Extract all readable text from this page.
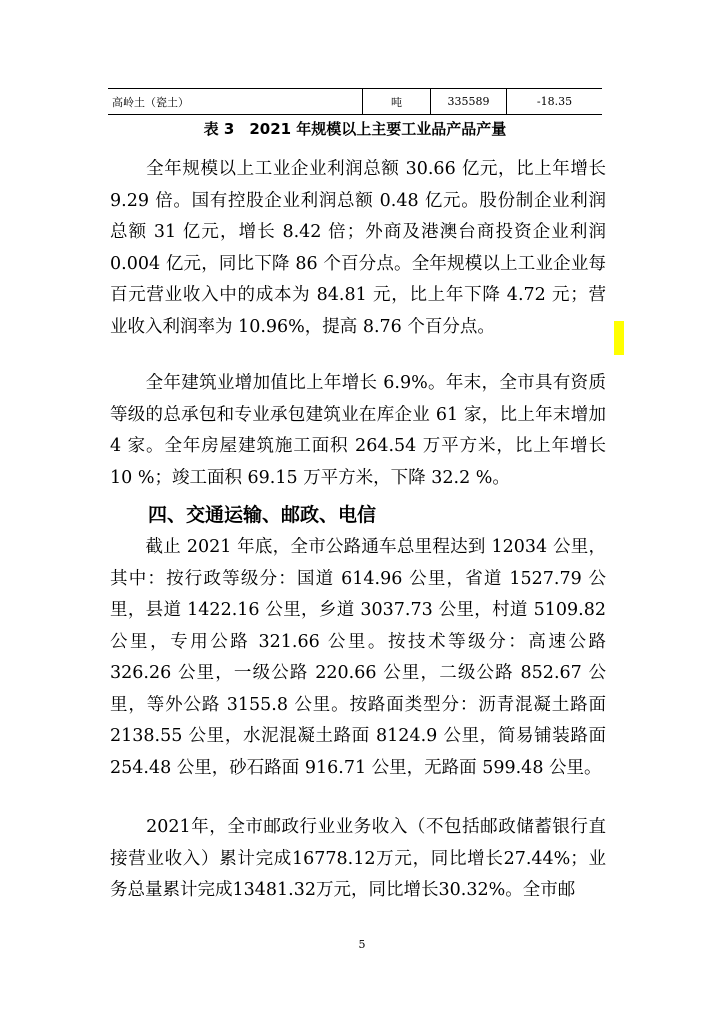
高岭土（瓷土）	吨	335589	-18.35
表 3　2021 年规模以上主要工业品产品产量

　　全年规模以上工业企业利润总额 30.66 亿元，比上年增长 9.29 倍。国有控股企业利润总额 0.48 亿元。股份制企业利润总额 31 亿元，增长 8.42 倍；外商及港澳台商投资企业利润 0.004 亿元，同比下降 86 个百分点。全年规模以上工业企业每百元营业收入中的成本为 84.81 元，比上年下降 4.72 元；营业收入利润率为 10.96%，提高 8.76 个百分点。

　　全年建筑业增加值比上年增长 6.9%。年末，全市具有资质等级的总承包和专业承包建筑业在库企业 61 家，比上年末增加 4 家。全年房屋建筑施工面积 264.54 万平方米，比上年增长 10 %；竣工面积 69.15 万平方米，下降 32.2 %。

四、交通运输、邮政、电信

　　截止 2021 年底，全市公路通车总里程达到 12034 公里，其中：按行政等级分：国道 614.96 公里，省道 1527.79 公里，县道 1422.16 公里，乡道 3037.73 公里，村道 5109.82 公里，专用公路 321.66 公里。按技术等级分：高速公路 326.26 公里，一级公路 220.66 公里，二级公路 852.67 公里，等外公路 3155.8 公里。按路面类型分：沥青混凝土路面 2138.55 公里，水泥混凝土路面 8124.9 公里，简易铺装路面 254.48 公里，砂石路面 916.71 公里，无路面 599.48 公里。

　　2021年，全市邮政行业业务收入（不包括邮政储蓄银行直接营业收入）累计完成16778.12万元，同比增长27.44%；业务总量累计完成13481.32万元，同比增长30.32%。全市邮

5
